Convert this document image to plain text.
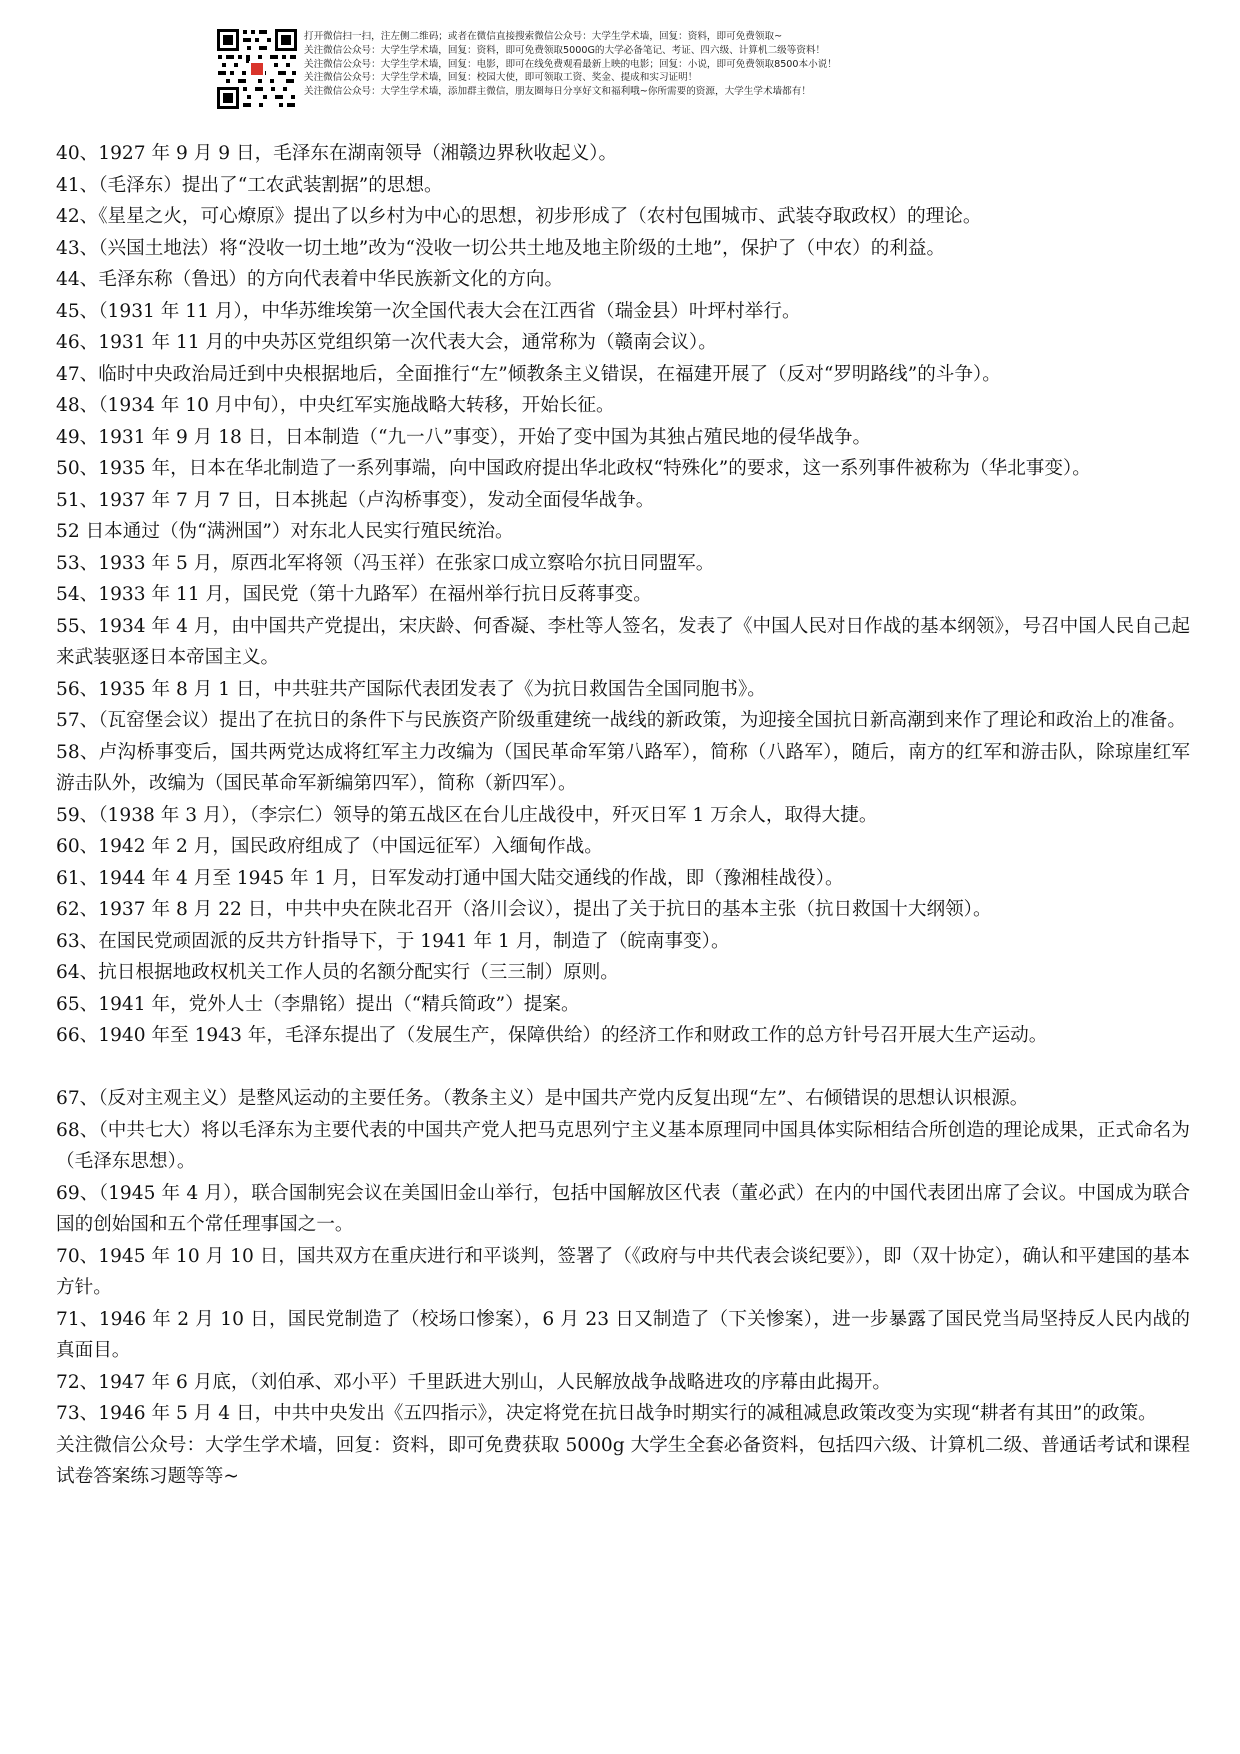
打开微信扫一扫，注左侧二维码；或者在微信直接搜索微信公众号：大学生学术墙，回复：资料，即可免费领取~
关注微信公众号：大学生学术墙，回复：资料，即可免费领取5000G的大学必备笔记、考证、四六级、计算机二级等资料！
关注微信公众号：大学生学术墙，回复：电影，即可在线免费观看最新上映的电影；回复：小说，即可免费领取8500本小说！
关注微信公众号：大学生学术墙，回复：校园大使，即可领取工资、奖金、提成和实习证明！
关注微信公众号：大学生学术墙，添加群主微信，朋友圈每日分享好文和福利哦~你所需要的资源，大学生学术墙都有！

40、1927 年 9 月 9 日，毛泽东在湖南领导（湘赣边界秋收起义）。

41、（毛泽东）提出了“工农武装割据”的思想。

42、《星星之火，可心燎原》提出了以乡村为中心的思想，初步形成了（农村包围城市、武装夺取政权）的理论。

43、（兴国土地法）将“没收一切土地”改为“没收一切公共土地及地主阶级的土地”，保护了（中农）的利益。

44、毛泽东称（鲁迅）的方向代表着中华民族新文化的方向。

45、（1931 年 11 月），中华苏维埃第一次全国代表大会在江西省（瑞金县）叶坪村举行。

46、1931 年 11 月的中央苏区党组织第一次代表大会，通常称为（赣南会议）。

47、临时中央政治局迁到中央根据地后，全面推行“左”倾教条主义错误，在福建开展了（反对“罗明路线”的斗争）。

48、（1934 年 10 月中旬），中央红军实施战略大转移，开始长征。

49、1931 年 9 月 18 日，日本制造（“九一八”事变），开始了变中国为其独占殖民地的侵华战争。

50、1935 年，日本在华北制造了一系列事端，向中国政府提出华北政权“特殊化”的要求，这一系列事件被称为（华北事变）。

51、1937 年 7 月 7 日，日本挑起（卢沟桥事变），发动全面侵华战争。

52 日本通过（伪“满洲国”）对东北人民实行殖民统治。

53、1933 年 5 月，原西北军将领（冯玉祥）在张家口成立察哈尔抗日同盟军。

54、1933 年 11 月，国民党（第十九路军）在福州举行抗日反蒋事变。

55、1934 年 4 月，由中国共产党提出，宋庆龄、何香凝、李杜等人签名，发表了《中国人民对日作战的基本纲领》，号召中国人民自己起来武装驱逐日本帝国主义。

56、1935 年 8 月 1 日，中共驻共产国际代表团发表了《为抗日救国告全国同胞书》。

57、（瓦窑堡会议）提出了在抗日的条件下与民族资产阶级重建统一战线的新政策，为迎接全国抗日新高潮到来作了理论和政治上的准备。

58、卢沟桥事变后，国共两党达成将红军主力改编为（国民革命军第八路军），简称（八路军），随后，南方的红军和游击队，除琼崖红军游击队外，改编为（国民革命军新编第四军），简称（新四军）。

59、（1938 年 3 月），（李宗仁）领导的第五战区在台儿庄战役中，歼灭日军 1 万余人，取得大捷。

60、1942 年 2 月，国民政府组成了（中国远征军）入缅甸作战。

61、1944 年 4 月至 1945 年 1 月，日军发动打通中国大陆交通线的作战，即（豫湘桂战役）。

62、1937 年 8 月 22 日，中共中央在陕北召开（洛川会议），提出了关于抗日的基本主张（抗日救国十大纲领）。

63、在国民党顽固派的反共方针指导下，于 1941 年 1 月，制造了（皖南事变）。

64、抗日根据地政权机关工作人员的名额分配实行（三三制）原则。

65、1941 年，党外人士（李鼎铭）提出（“精兵简政”）提案。

66、1940 年至 1943 年，毛泽东提出了（发展生产，保障供给）的经济工作和财政工作的总方针号召开展大生产运动。

67、（反对主观主义）是整风运动的主要任务。（教条主义）是中国共产党内反复出现“左”、右倾错误的思想认识根源。

68、（中共七大）将以毛泽东为主要代表的中国共产党人把马克思列宁主义基本原理同中国具体实际相结合所创造的理论成果，正式命名为（毛泽东思想）。

69、（1945 年 4 月），联合国制宪会议在美国旧金山举行，包括中国解放区代表（董必武）在内的中国代表团出席了会议。中国成为联合国的创始国和五个常任理事国之一。

70、1945 年 10 月 10 日，国共双方在重庆进行和平谈判，签署了（《政府与中共代表会谈纪要》），即（双十协定），确认和平建国的基本方针。

71、1946 年 2 月 10 日，国民党制造了（校场口惨案），6 月 23 日又制造了（下关惨案），进一步暴露了国民党当局坚持反人民内战的真面目。

72、1947 年 6 月底，（刘伯承、邓小平）千里跃进大别山，人民解放战争战略进攻的序幕由此揭开。

73、1946 年 5 月 4 日，中共中央发出《五四指示》，决定将党在抗日战争时期实行的减租减息政策改变为实现“耕者有其田”的政策。

关注微信公众号：大学生学术墙，回复：资料，即可免费获取 5000g 大学生全套必备资料，包括四六级、计算机二级、普通话考试和课程试卷答案练习题等等~
